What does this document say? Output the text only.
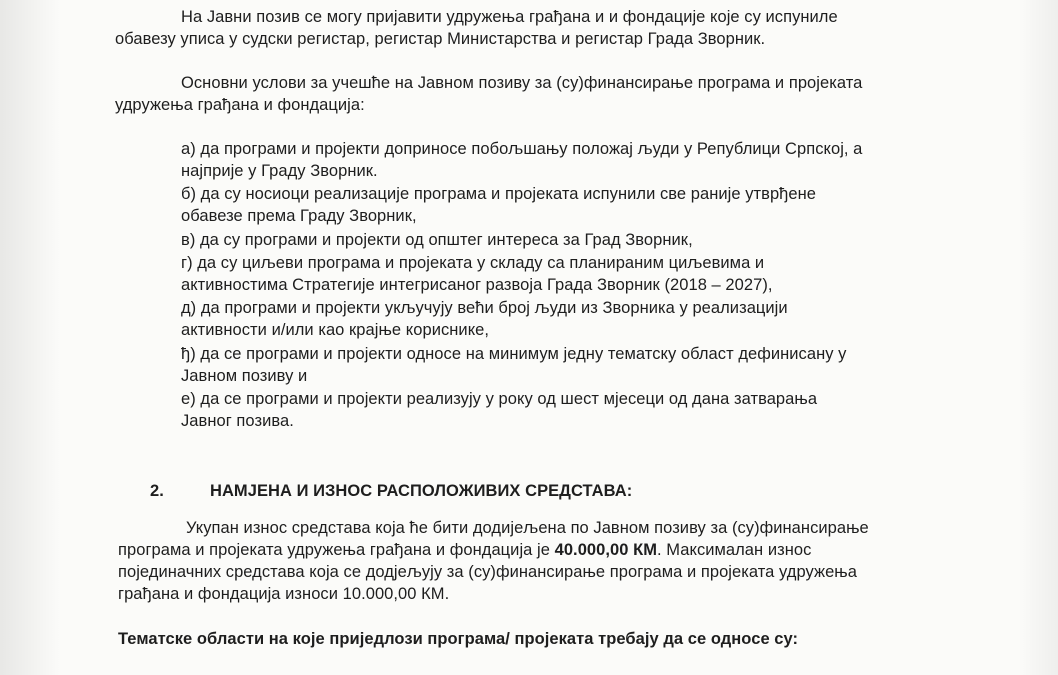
На Јавни позив се могу пријавити удружења грађана и и фондације које су испуниле
обавезу уписа у судски регистар, регистар Министарства и регистар Града Зворник.
Основни услови за учешће на Јавном позиву за (су)финансирање програма и пројеката
удружења грађана и фондација:
а) да програми и пројекти доприносе побољшању положај људи у Републици Српској, а
најприје у Граду Зворник.
б) да су носиоци реализације програма и пројеката испунили све раније утврђене
обавезе према Граду Зворник,
в) да су програми и пројекти од општег интереса за Град Зворник,
г) да су циљеви програма и пројеката у складу са планираним циљевима и
активностима Стратегије интегрисаног развоја Града Зворник (2018 – 2027),
д) да програми и пројекти укључују већи број људи из Зворника у реализацији
активности и/или као крајње кориснике,
ђ) да се програми и пројекти односе на минимум једну тематску област дефинисану у
Јавном позиву и
е) да се програми и пројекти реализују у року од шест мјесеци од дана затварања
Јавног позива.
2.	НАМЈЕНА И ИЗНОС РАСПОЛОЖИВИХ СРЕДСТАВА:
Укупан износ средстава која ће бити додијељена по Јавном позиву за (су)финансирање
програма и пројеката удружења грађана и фондација је 40.000,00 КМ. Максималан износ
појединачних средстава која се додјељују за (су)финансирање програма и пројеката удружења
грађана и фондација износи 10.000,00 КМ.
Тематске области на које приједлози програма/ пројеката требају да се односе су:
